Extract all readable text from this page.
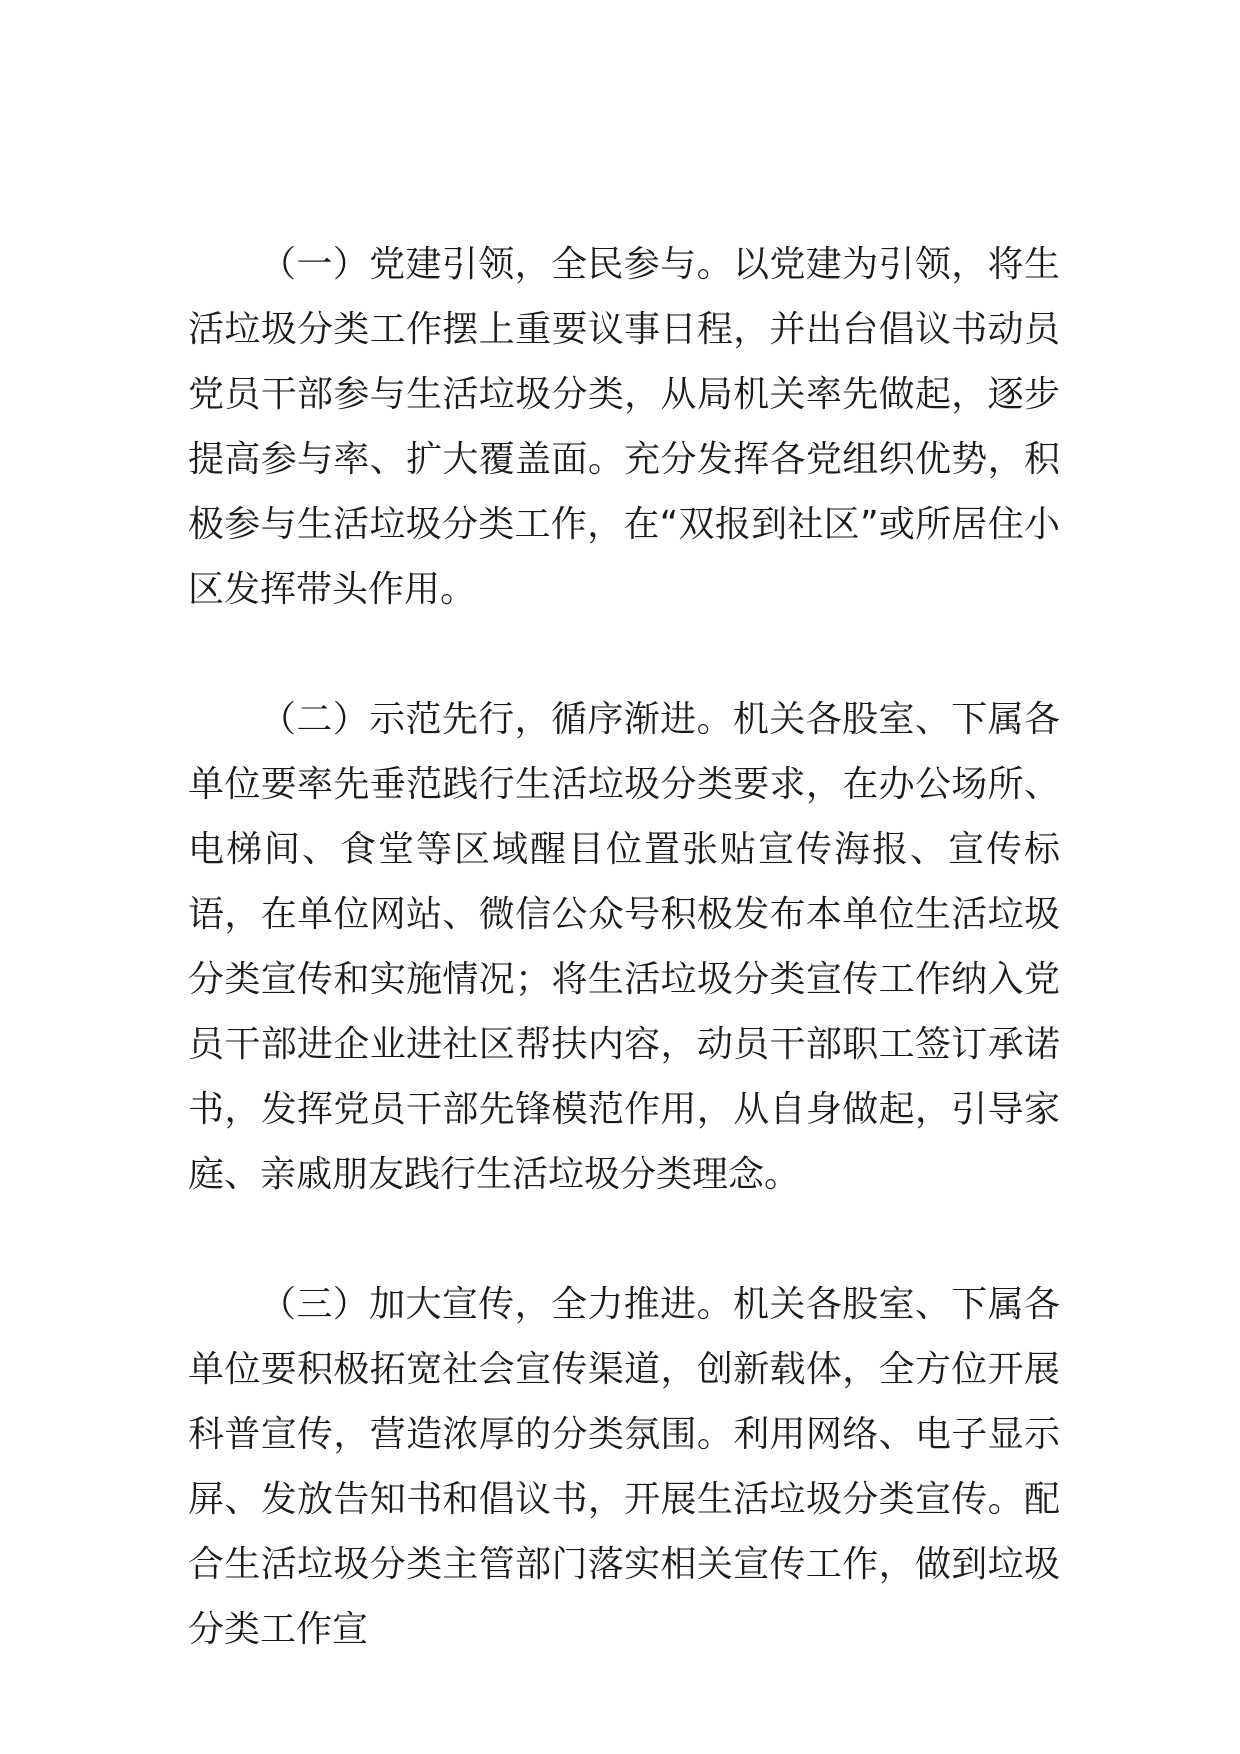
（一）党建引领，全民参与。以党建为引领，将生活垃圾分类工作摆上重要议事日程，并出台倡议书动员党员干部参与生活垃圾分类，从局机关率先做起，逐步提高参与率、扩大覆盖面。充分发挥各党组织优势，积极参与生活垃圾分类工作，在“双报到社区”或所居住小区发挥带头作用。

（二）示范先行，循序渐进。机关各股室、下属各单位要率先垂范践行生活垃圾分类要求，在办公场所、电梯间、食堂等区域醒目位置张贴宣传海报、宣传标语，在单位网站、微信公众号积极发布本单位生活垃圾分类宣传和实施情况；将生活垃圾分类宣传工作纳入党员干部进企业进社区帮扶内容，动员干部职工签订承诺书，发挥党员干部先锋模范作用，从自身做起，引导家庭、亲戚朋友践行生活垃圾分类理念。

（三）加大宣传，全力推进。机关各股室、下属各单位要积极拓宽社会宣传渠道，创新载体，全方位开展科普宣传，营造浓厚的分类氛围。利用网络、电子显示屏、发放告知书和倡议书，开展生活垃圾分类宣传。配合生活垃圾分类主管部门落实相关宣传工作，做到垃圾分类工作宣
